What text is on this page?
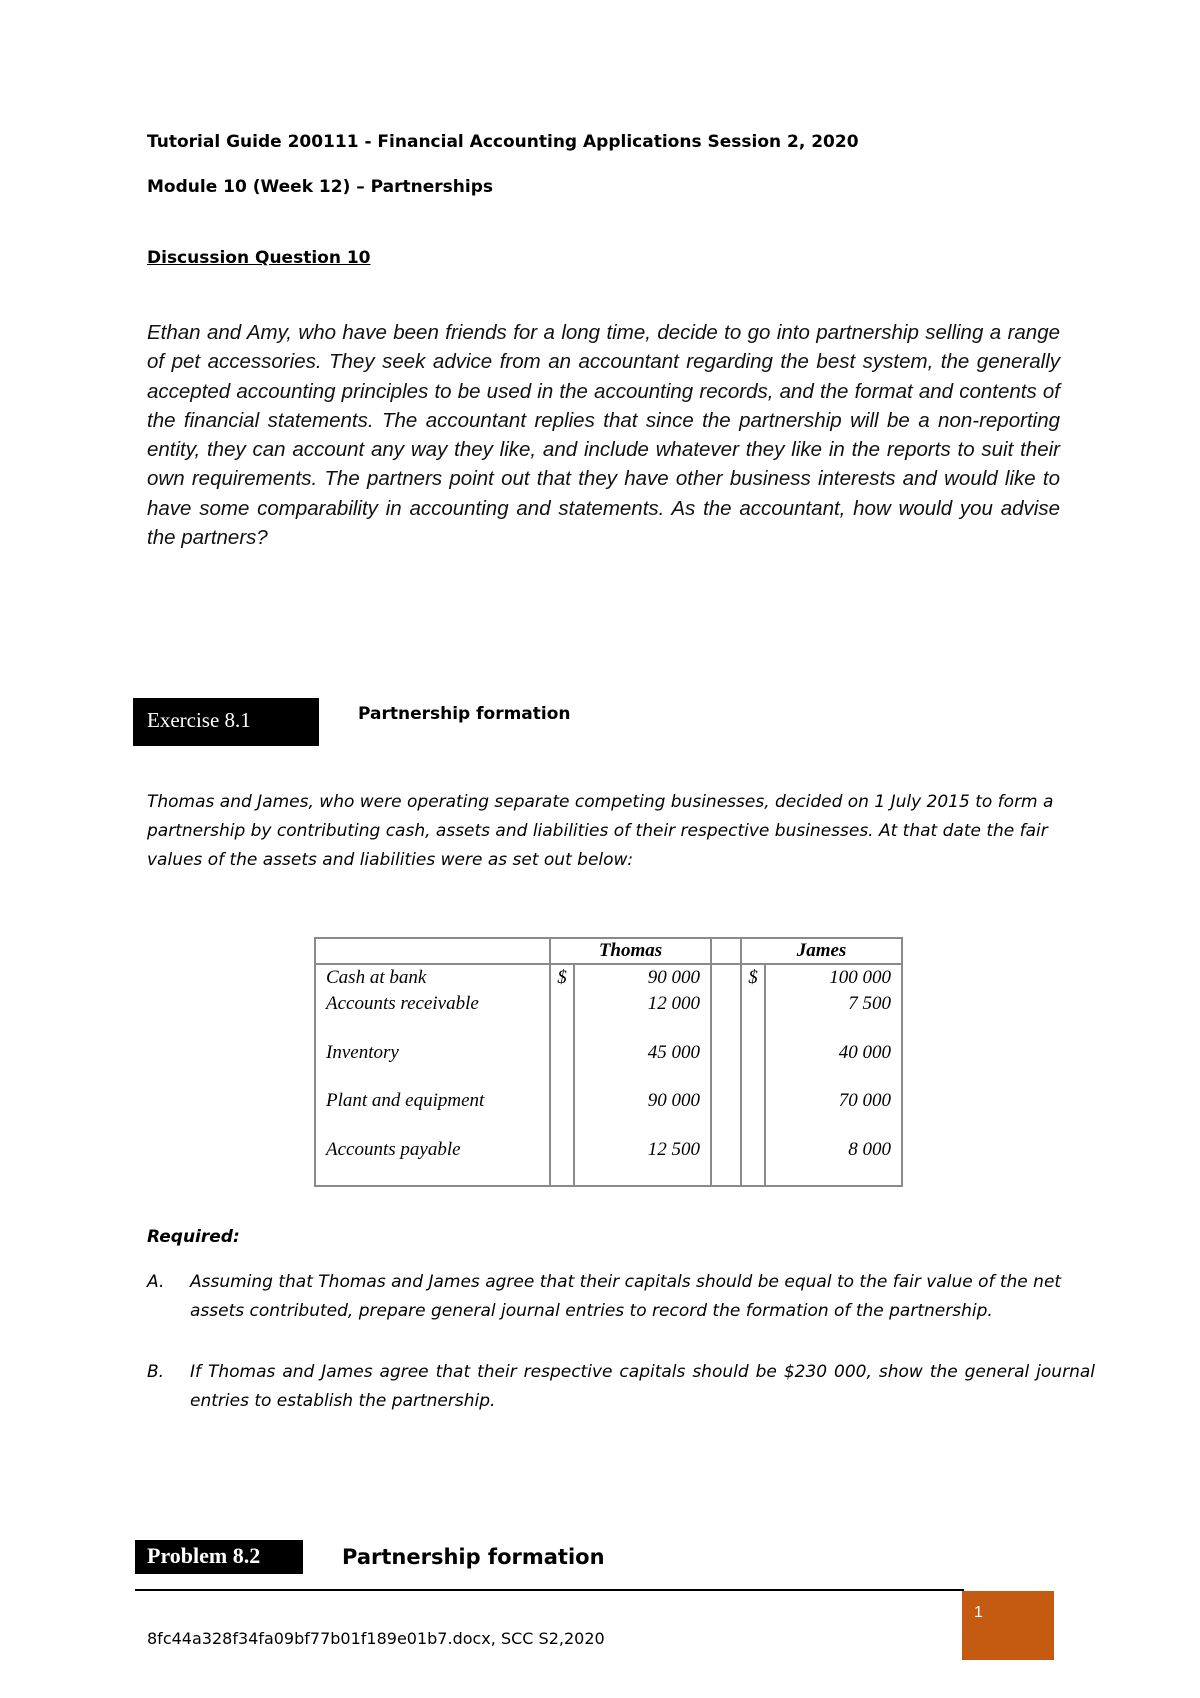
Tutorial Guide 200111 - Financial Accounting Applications Session 2, 2020
Module 10 (Week 12) – Partnerships
Discussion Question 10
Ethan and Amy, who have been friends for a long time, decide to go into partnership selling a range of pet accessories. They seek advice from an accountant regarding the best system, the generally accepted accounting principles to be used in the accounting records, and the format and contents of the financial statements. The accountant replies that since the partnership will be a non-reporting entity, they can account any way they like, and include whatever they like in the reports to suit their own requirements. The partners point out that they have other business interests and would like to have some comparability in accounting and statements. As the accountant, how would you advise the partners?
Exercise 8.1	Partnership formation
Thomas and James, who were operating separate competing businesses, decided on 1 July 2015 to form a partnership by contributing cash, assets and liabilities of their respective businesses. At that date the fair values of the assets and liabilities were as set out below:
	Thomas			James	
Cash at bank	$	90 000		$	100 000
Accounts receivable		12 000			7 500
Inventory		45 000			40 000
Plant and equipment		90 000			70 000
Accounts payable		12 500			8 000
Required:
A. Assuming that Thomas and James agree that their capitals should be equal to the fair value of the net assets contributed, prepare general journal entries to record the formation of the partnership.
B. If Thomas and James agree that their respective capitals should be $230 000, show the general journal entries to establish the partnership.
Problem 8.2	Partnership formation
8fc44a328f34fa09bf77b01f189e01b7.docx, SCC S2,2020
1
